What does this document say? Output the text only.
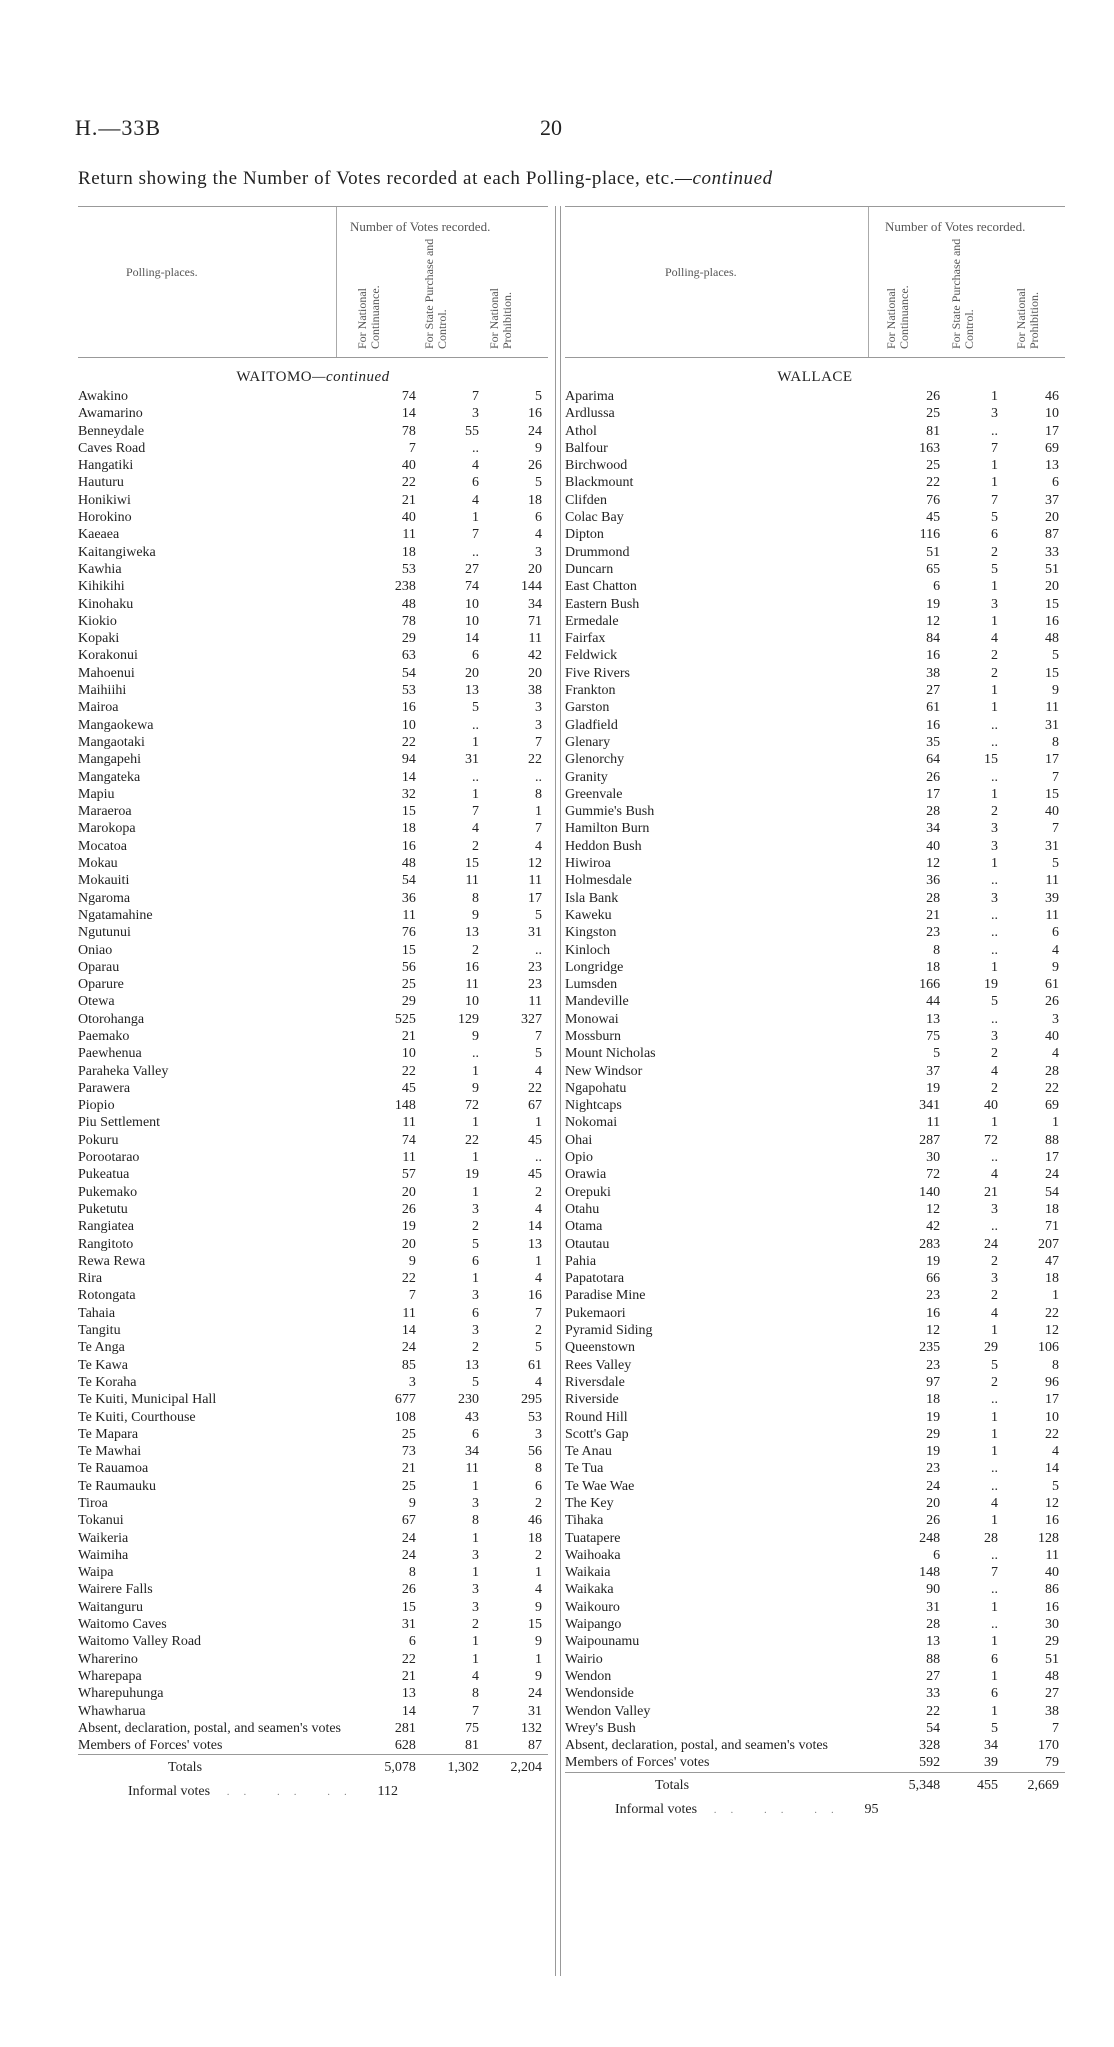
H.—33B	20
Return showing the Number of Votes recorded at each Polling-place, etc.—continued
Polling-places.
Number of Votes recorded.
For National Continuance.	For State Purchase and Control.	For National Prohibition.
WAITOMO—continued
Awakino	74	7	5
Awamarino	14	3	16
Benneydale	78	55	24
Caves Road	7	..	9
Hangatiki	40	4	26
Hauturu	22	6	5
Honikiwi	21	4	18
Horokino	40	1	6
Kaeaea	11	7	4
Kaitangiweka	18	..	3
Kawhia	53	27	20
Kihikihi	238	74	144
Kinohaku	48	10	34
Kiokio	78	10	71
Kopaki	29	14	11
Korakonui	63	6	42
Mahoenui	54	20	20
Maihiihi	53	13	38
Mairoa	16	5	3
Mangaokewa	10	..	3
Mangaotaki	22	1	7
Mangapehi	94	31	22
Mangateka	14	..	..
Mapiu	32	1	8
Maraeroa	15	7	1
Marokopa	18	4	7
Mocatoa	16	2	4
Mokau	48	15	12
Mokauiti	54	11	11
Ngaroma	36	8	17
Ngatamahine	11	9	5
Ngutunui	76	13	31
Oniao	15	2	..
Oparau	56	16	23
Oparure	25	11	23
Otewa	29	10	11
Otorohanga	525	129	327
Paemako	21	9	7
Paewhenua	10	..	5
Paraheka Valley	22	1	4
Parawera	45	9	22
Piopio	148	72	67
Piu Settlement	11	1	1
Pokuru	74	22	45
Porootarao	11	1	..
Pukeatua	57	19	45
Pukemako	20	1	2
Puketutu	26	3	4
Rangiatea	19	2	14
Rangitoto	20	5	13
Rewa Rewa	9	6	1
Rira	22	1	4
Rotongata	7	3	16
Tahaia	11	6	7
Tangitu	14	3	2
Te Anga	24	2	5
Te Kawa	85	13	61
Te Koraha	3	5	4
Te Kuiti, Municipal Hall	677	230	295
Te Kuiti, Courthouse	108	43	53
Te Mapara	25	6	3
Te Mawhai	73	34	56
Te Rauamoa	21	11	8
Te Raumauku	25	1	6
Tiroa	9	3	2
Tokanui	67	8	46
Waikeria	24	1	18
Waimiha	24	3	2
Waipa	8	1	1
Wairere Falls	26	3	4
Waitanguru	15	3	9
Waitomo Caves	31	2	15
Waitomo Valley Road	6	1	9
Wharerino	22	1	1
Wharepapa	21	4	9
Wharepuhunga	13	8	24
Whawharua	14	7	31
Absent, declaration, postal, and seamen's votes	281	75	132
Members of Forces' votes	628	81	87
Totals	5,078	1,302	2,204
Informal votes .. .. .. 112
Polling-places.
Number of Votes recorded.
For National Continuance.	For State Purchase and Control.	For National Prohibition.
WALLACE
Aparima	26	1	46
Ardlussa	25	3	10
Athol	81	..	17
Balfour	163	7	69
Birchwood	25	1	13
Blackmount	22	1	6
Clifden	76	7	37
Colac Bay	45	5	20
Dipton	116	6	87
Drummond	51	2	33
Duncarn	65	5	51
East Chatton	6	1	20
Eastern Bush	19	3	15
Ermedale	12	1	16
Fairfax	84	4	48
Feldwick	16	2	5
Five Rivers	38	2	15
Frankton	27	1	9
Garston	61	1	11
Gladfield	16	..	31
Glenary	35	..	8
Glenorchy	64	15	17
Granity	26	..	7
Greenvale	17	1	15
Gummie's Bush	28	2	40
Hamilton Burn	34	3	7
Heddon Bush	40	3	31
Hiwiroa	12	1	5
Holmesdale	36	..	11
Isla Bank	28	3	39
Kaweku	21	..	11
Kingston	23	..	6
Kinloch	8	..	4
Longridge	18	1	9
Lumsden	166	19	61
Mandeville	44	5	26
Monowai	13	..	3
Mossburn	75	3	40
Mount Nicholas	5	2	4
New Windsor	37	4	28
Ngapohatu	19	2	22
Nightcaps	341	40	69
Nokomai	11	1	1
Ohai	287	72	88
Opio	30	..	17
Orawia	72	4	24
Orepuki	140	21	54
Otahu	12	3	18
Otama	42	..	71
Otautau	283	24	207
Pahia	19	2	47
Papatotara	66	3	18
Paradise Mine	23	2	1
Pukemaori	16	4	22
Pyramid Siding	12	1	12
Queenstown	235	29	106
Rees Valley	23	5	8
Riversdale	97	2	96
Riverside	18	..	17
Round Hill	19	1	10
Scott's Gap	29	1	22
Te Anau	19	1	4
Te Tua	23	..	14
Te Wae Wae	24	..	5
The Key	20	4	12
Tihaka	26	1	16
Tuatapere	248	28	128
Waihoaka	6	..	11
Waikaia	148	7	40
Waikaka	90	..	86
Waikouro	31	1	16
Waipango	28	..	30
Waipounamu	13	1	29
Wairio	88	6	51
Wendon	27	1	48
Wendonside	33	6	27
Wendon Valley	22	1	38
Wrey's Bush	54	5	7
Absent, declaration, postal, and seamen's votes	328	34	170
Members of Forces' votes	592	39	79
Totals	5,348	455	2,669
Informal votes .. .. .. 95
